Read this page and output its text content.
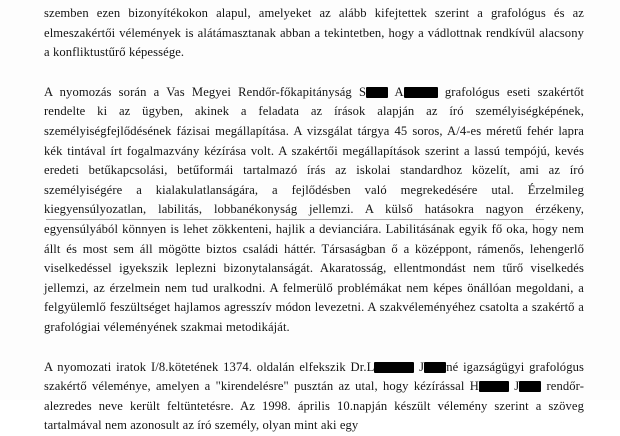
szemben ezen bizonyítékokon alapul, amelyeket az alább kifejtettek szerint a grafológus és az elmeszakértői vélemények is alátámasztanak abban a tekintetben, hogy a vádlottnak rendkívül alacsony a konfliktustűrő képessége.

A nyomozás során a Vas Megyei Rendőr-főkapitányság S A	grafológus eseti szakértőt rendelte ki az ügyben, akinek a feladata az írások alapján az író személyiségképének, személyiségfejlődésének fázisai megállapítása. A vizsgálat tárgya 45 soros, A/4-es méretű fehér lapra kék tintával írt fogalmazvány kézírása volt. A szakértői megállapítások szerint a lassú tempójú, kevés eredeti betűkapcsolási, betűformái tartalmazó írás az iskolai standardhoz közelít, ami az író személyiségére a kialakulatlanságára, a fejlődésben való megrekedésére utal. Érzelmileg kiegyensúlyozatlan, labilitás, lobbanékonyság jellemzi. A külső hatásokra nagyon érzékeny, egyensúlyából könnyen is lehet zökkenteni, hajlik a devianciára. Labilitásának egyik fő oka, hogy nem állt és most sem áll mögötte biztos családi háttér. Társaságban ő a középpont, rámenős, lehengerlő viselkedéssel igyekszik leplezni bizonytalanságát. Akaratosság, ellentmondást nem tűrő viselkedés jellemzi, az érzelmein nem tud uralkodni. A felmerülő problémákat nem képes önállóan megoldani, a felgyülemlő feszültséget hajlamos agresszív módon levezetni. A szakvéleményéhez csatolta a szakértő a grafológiai véleményének szakmai metodikáját.

A nyomozati iratok I/8.kötetének 1374. oldalán elfekszik Dr.L	J né igazságügyi grafológus szakértő véleménye, amelyen a "kirendelésre" pusztán az utal, hogy kézírással H J rendőr-alezredes neve került feltüntetésre. Az 1998. április 10.napján készült vélemény szerint a szöveg tartalmával nem azonosult az író személy, olyan mint aki egy
